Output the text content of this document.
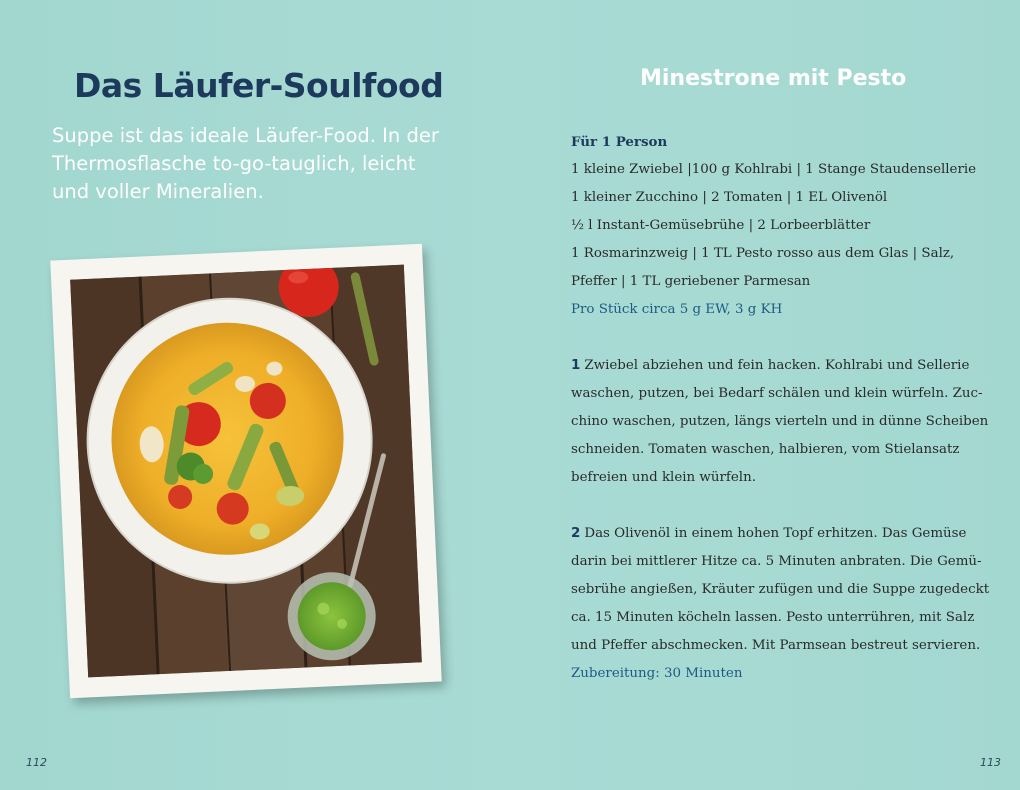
Das Läufer-Soulfood
Suppe ist das ideale Läufer-Food. In der
Thermosflasche to-go-tauglich, leicht
und voller Mineralien.
112
Minestrone mit Pesto
Für 1 Person
1 kleine Zwiebel |100 g Kohlrabi | 1 Stange Staudensellerie
1 kleiner Zucchino | 2 Tomaten | 1 EL Olivenöl
½ l Instant-Gemüsebrühe | 2 Lorbeerblätter
1 Rosmarinzweig | 1 TL Pesto rosso aus dem Glas | Salz,
Pfeffer | 1 TL geriebener Parmesan
Pro Stück circa 5 g EW, 3 g KH
1 Zwiebel abziehen und fein hacken. Kohlrabi und Sellerie
waschen, putzen, bei Bedarf schälen und klein würfeln. Zuc-
chino waschen, putzen, längs vierteln und in dünne Scheiben
schneiden. Tomaten waschen, halbieren, vom Stielansatz
befreien und klein würfeln.
2 Das Olivenöl in einem hohen Topf erhitzen. Das Gemüse
darin bei mittlerer Hitze ca. 5 Minuten anbraten. Die Gemü-
sebrühe angießen, Kräuter zufügen und die Suppe zugedeckt
ca. 15 Minuten köcheln lassen. Pesto unterrühren, mit Salz
und Pfeffer abschmecken. Mit Parmsean bestreut servieren.
Zubereitung: 30 Minuten
113
